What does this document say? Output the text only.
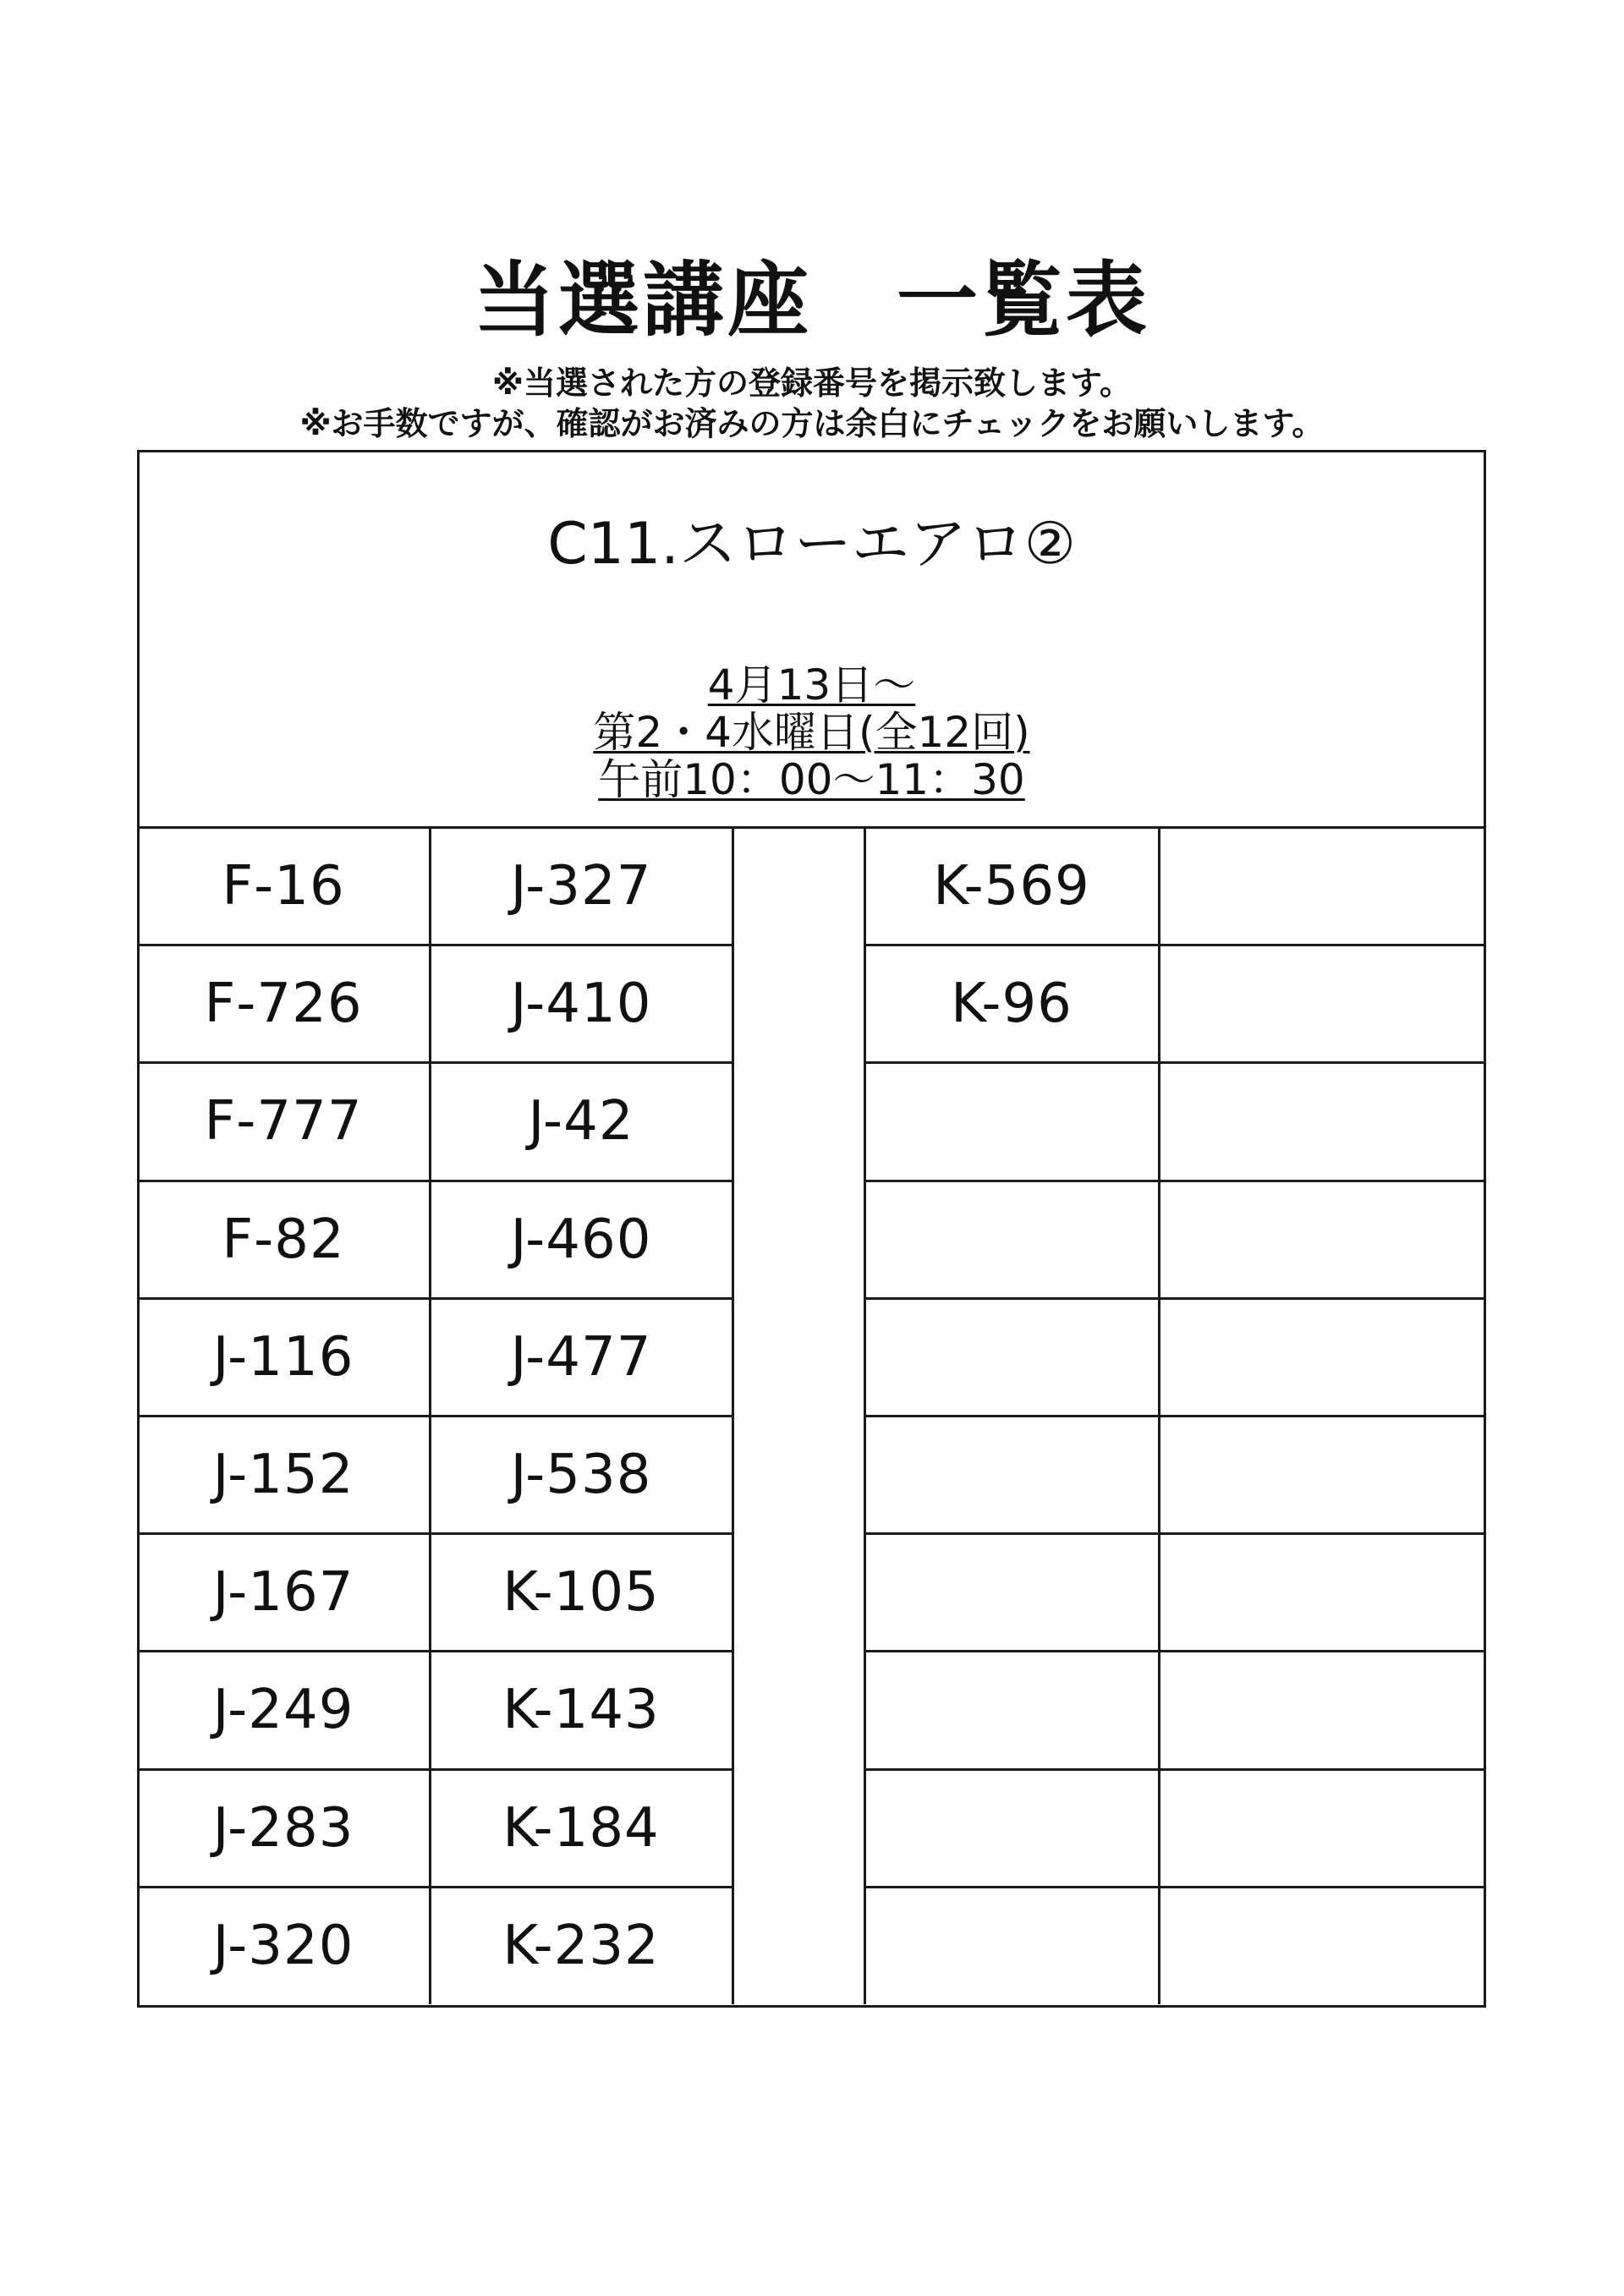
当選講座　一覧表
※当選された方の登録番号を掲示致します。
※お手数ですが、確認がお済みの方は余白にチェックをお願いします。
C11.スローエアロ②
4月13日～
第2・4水曜日(全12回)
午前10：00～11：30
F-16
F-726
F-777
F-82
J-116
J-152
J-167
J-249
J-283
J-320
J-327
J-410
J-42
J-460
J-477
J-538
K-105
K-143
K-184
K-232
K-569
K-96
